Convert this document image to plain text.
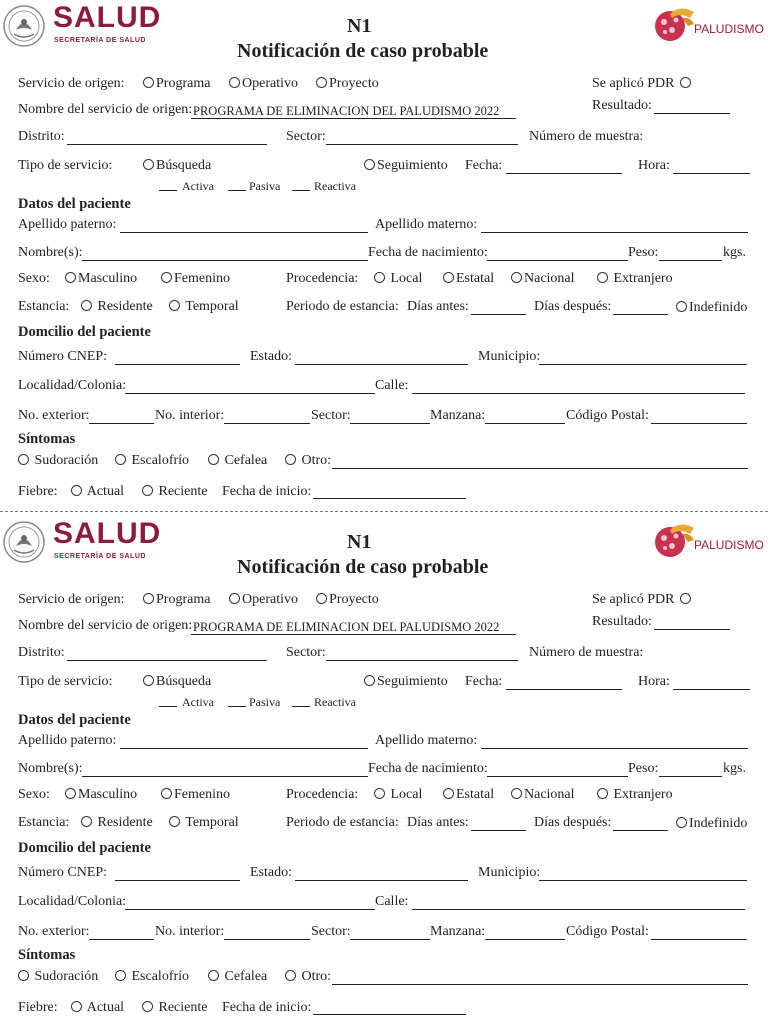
SALUD
SECRETARÍA DE SALUD
N1
Notificación de caso probable
PALUDISMO
Servicio de origen:	Programa	Operativo	Proyecto	Se aplicó PDR
Nombre del servicio de origen: PROGRAMA DE ELIMINACION DEL PALUDISMO 2022	Resultado:
Distrito:	Sector:	Número de muestra:
Tipo de servicio:	Búsqueda	Seguimiento Fecha:	Hora:
Activa	Pasiva	Reactiva
Datos del paciente
Apellido paterno:	Apellido materno:
Nombre(s):	Fecha de nacimiento:	Peso:	kgs.
Sexo:	Masculino	Femenino	Procedencia:	Local	Estatal	Nacional	Extranjero
Estancia:	Residente	Temporal	Periodo de estancia: Días antes:	Días después:	Indefinido
Domcilio del paciente
Número CNEP:	Estado:	Municipio:
Localidad/Colonia:	Calle:
No. exterior:	No. interior:	Sector:	Manzana:	Código Postal:
Síntomas
Sudoración	Escalofrío	Cefalea	Otro:
Fiebre:	Actual	Reciente Fecha de inicio:
SALUD
SECRETARÍA DE SALUD
N1
Notificación de caso probable
PALUDISMO
Servicio de origen:	Programa	Operativo	Proyecto	Se aplicó PDR
Nombre del servicio de origen: PROGRAMA DE ELIMINACION DEL PALUDISMO 2022	Resultado:
Distrito:	Sector:	Número de muestra:
Tipo de servicio:	Búsqueda	Seguimiento Fecha:	Hora:
Activa	Pasiva	Reactiva
Datos del paciente
Apellido paterno:	Apellido materno:
Nombre(s):	Fecha de nacimiento:	Peso:	kgs.
Sexo:	Masculino	Femenino	Procedencia:	Local	Estatal	Nacional	Extranjero
Estancia:	Residente	Temporal	Periodo de estancia: Días antes:	Días después:	Indefinido
Domcilio del paciente
Número CNEP:	Estado:	Municipio:
Localidad/Colonia:	Calle:
No. exterior:	No. interior:	Sector:	Manzana:	Código Postal:
Síntomas
Sudoración	Escalofrío	Cefalea	Otro:
Fiebre:	Actual	Reciente Fecha de inicio:
